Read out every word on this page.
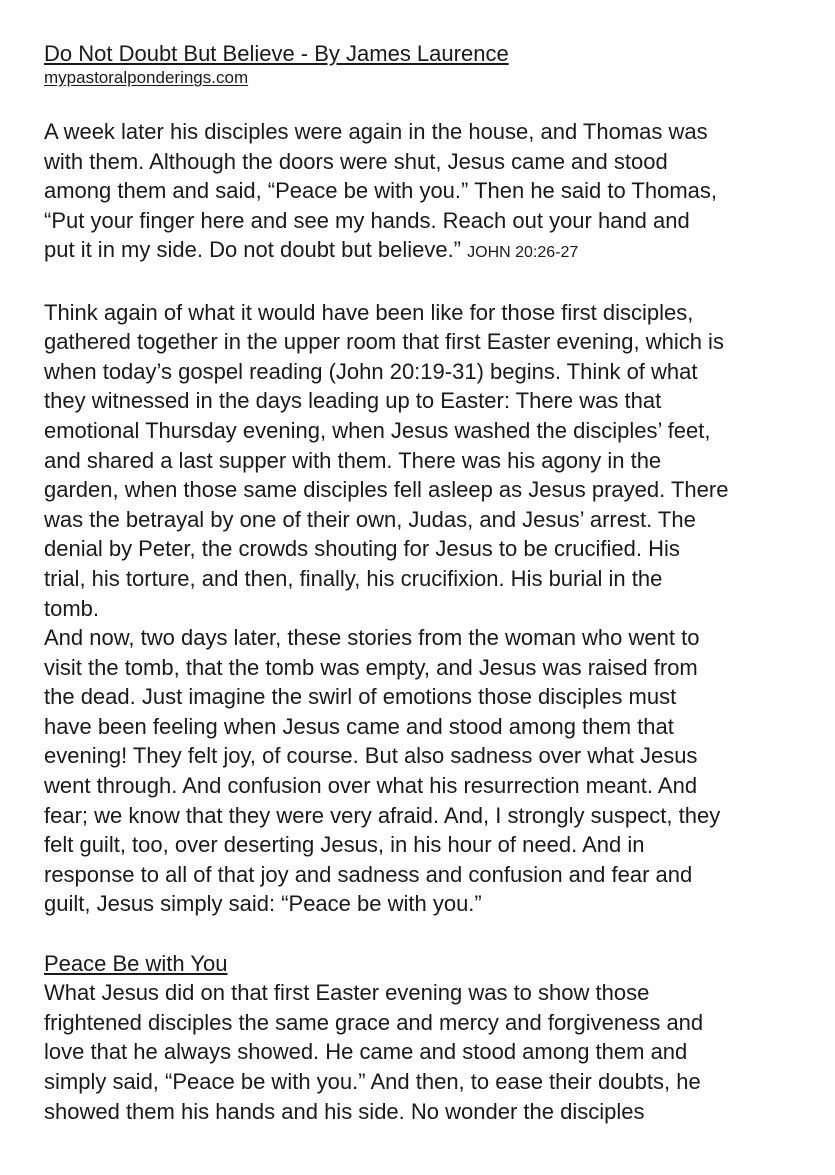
Do Not Doubt But Believe - By James Laurence
mypastoralponderings.com
A week later his disciples were again in the house, and Thomas was
with them. Although the doors were shut, Jesus came and stood
among them and said, “Peace be with you.” Then he said to Thomas,
“Put your finger here and see my hands. Reach out your hand and
put it in my side. Do not doubt but believe.” JOHN 20:26-27
Think again of what it would have been like for those first disciples,
gathered together in the upper room that first Easter evening, which is
when today’s gospel reading (John 20:19-31) begins. Think of what
they witnessed in the days leading up to Easter: There was that
emotional Thursday evening, when Jesus washed the disciples’ feet,
and shared a last supper with them. There was his agony in the
garden, when those same disciples fell asleep as Jesus prayed. There
was the betrayal by one of their own, Judas, and Jesus’ arrest. The
denial by Peter, the crowds shouting for Jesus to be crucified. His
trial, his torture, and then, finally, his crucifixion. His burial in the
tomb.
And now, two days later, these stories from the woman who went to
visit the tomb, that the tomb was empty, and Jesus was raised from
the dead. Just imagine the swirl of emotions those disciples must
have been feeling when Jesus came and stood among them that
evening! They felt joy, of course. But also sadness over what Jesus
went through. And confusion over what his resurrection meant. And
fear; we know that they were very afraid. And, I strongly suspect, they
felt guilt, too, over deserting Jesus, in his hour of need. And in
response to all of that joy and sadness and confusion and fear and
guilt, Jesus simply said: “Peace be with you.”
Peace Be with You
What Jesus did on that first Easter evening was to show those
frightened disciples the same grace and mercy and forgiveness and
love that he always showed. He came and stood among them and
simply said, “Peace be with you.” And then, to ease their doubts, he
showed them his hands and his side. No wonder the disciples
